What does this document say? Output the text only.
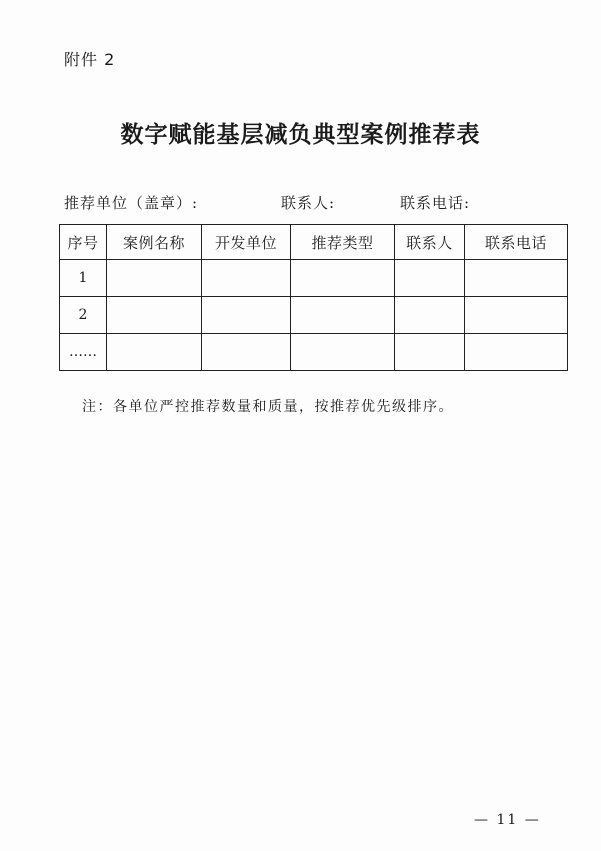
附件 2
数字赋能基层减负典型案例推荐表
推荐单位（盖章）:	联系人:	联系电话:
序号	案例名称	开发单位	推荐类型	联系人	联系电话
1					
2					
……					
注：各单位严控推荐数量和质量，按推荐优先级排序。
— 11 —
